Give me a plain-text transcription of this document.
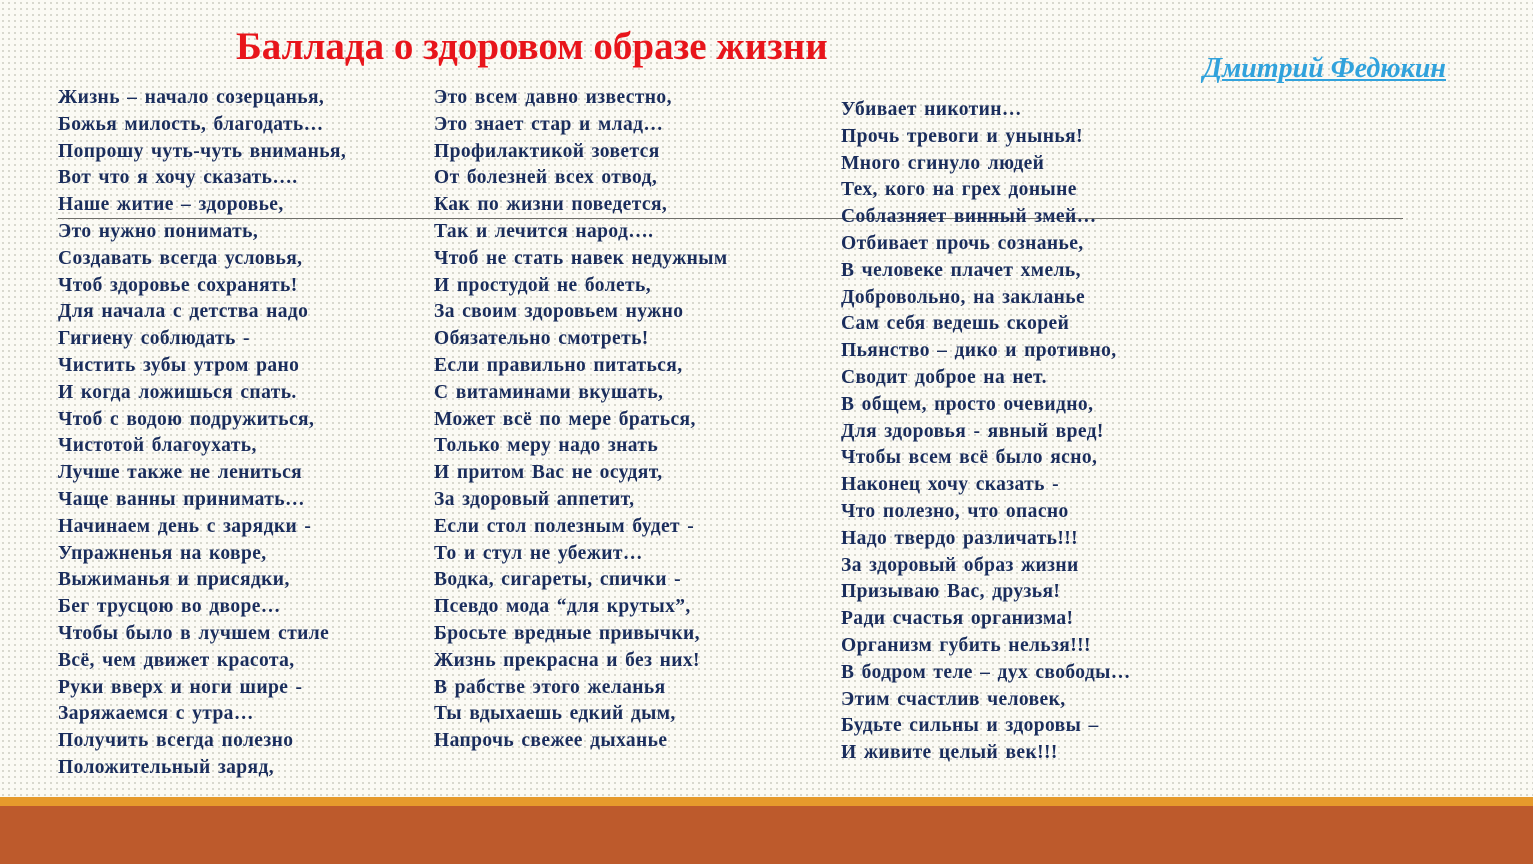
Баллада о здоровом образе жизни
Дмитрий Федюкин
Жизнь – начало созерцанья,
Божья милость, благодать…
Попрошу чуть-чуть вниманья,
Вот что я хочу сказать….
Наше житие – здоровье,
Это нужно понимать,
Создавать всегда условья,
Чтоб здоровье сохранять!
Для начала с детства надо
Гигиену соблюдать -
Чистить зубы утром рано
И когда ложишься спать.
Чтоб с водою подружиться,
Чистотой благоухать,
Лучше также не лениться
Чаще ванны принимать…
Начинаем день с зарядки -
Упражненья на ковре,
Выжиманья и присядки,
Бег трусцою во дворе…
Чтобы было в лучшем стиле
Всё, чем движет красота,
Руки вверх и ноги шире -
Заряжаемся с утра…
Получить всегда полезно
Положительный заряд,
Это всем давно известно,
Это знает стар и млад…
Профилактикой зовется
От болезней всех отвод,
Как по жизни поведется,
Так и лечится народ….
Чтоб не стать навек недужным
И простудой не болеть,
За своим здоровьем нужно
Обязательно смотреть!
Если правильно питаться,
С витаминами вкушать,
Может всё по мере браться,
Только меру надо знать
И притом Вас не осудят,
За здоровый аппетит,
Если стол полезным будет -
То и стул не убежит…
Водка, сигареты, спички -
Псевдо мода “для крутых”,
Бросьте вредные привычки,
Жизнь прекрасна и без них!
В рабстве этого желанья
Ты вдыхаешь едкий дым,
Напрочь свежее дыханье
Убивает никотин…
Прочь тревоги и унынья!
Много сгинуло людей
Тех, кого на грех доныне
Соблазняет винный змей…
Отбивает прочь сознанье,
В человеке плачет хмель,
Добровольно, на закланье
Сам себя ведешь скорей
Пьянство – дико и противно,
Сводит доброе на нет.
В общем, просто очевидно,
Для здоровья - явный вред!
Чтобы всем всё было ясно,
Наконец хочу сказать -
Что полезно, что опасно
Надо твердо различать!!!
За здоровый образ жизни
Призываю Вас, друзья!
Ради счастья организма!
Организм губить нельзя!!!
В бодром теле – дух свободы…
Этим счастлив человек,
Будьте сильны и здоровы –
И живите целый век!!!
